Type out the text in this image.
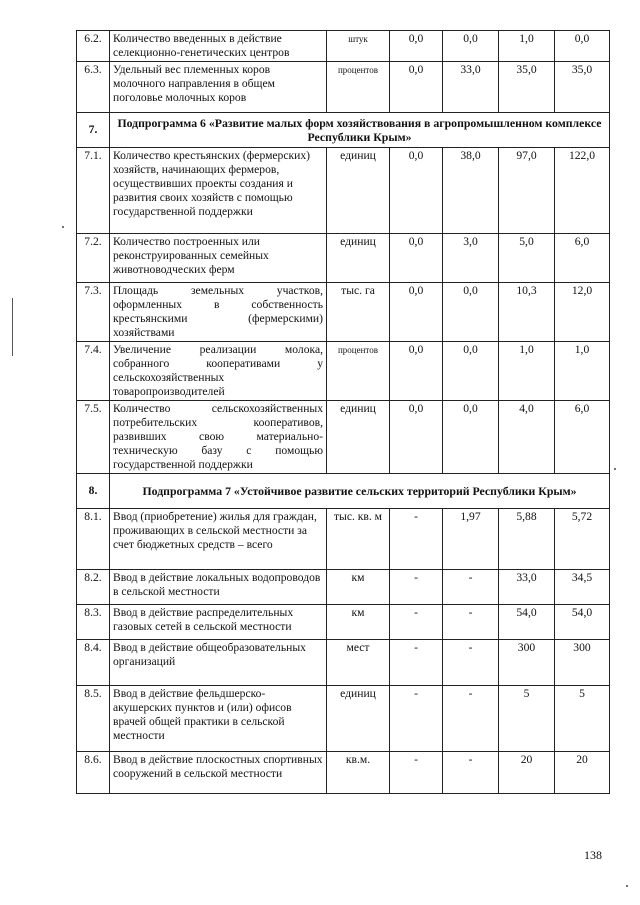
6.2.	Количество введенных в действие селекционно-генетических центров	штук	0,0	0,0	1,0	0,0
6.3.	Удельный вес племенных коров молочного направления в общем поголовье молочных коров	процентов	0,0	33,0	35,0	35,0
7.	Подпрограмма 6 «Развитие малых форм хозяйствования в агропромышленном комплексе Республики Крым»					
7.1.	Количество крестьянских (фермерских) хозяйств, начинающих фермеров, осуществивших проекты создания и развития своих хозяйств с помощью государственной поддержки	единиц	0,0	38,0	97,0	122,0
7.2.	Количество построенных или реконструированных семейных животноводческих ферм	единиц	0,0	3,0	5,0	6,0
7.3.	Площадь земельных участков, оформленных в собственность крестьянскими (фермерскими) хозяйствами	тыс. га	0,0	0,0	10,3	12,0
7.4.	Увеличение реализации молока, собранного кооперативами у сельскохозяйственных товаропроизводителей	процентов	0,0	0,0	1,0	1,0
7.5.	Количество сельскохозяйственных потребительских кооперативов, развивших свою материально-техническую базу с помощью государственной поддержки	единиц	0,0	0,0	4,0	6,0
8.	Подпрограмма 7 «Устойчивое развитие сельских территорий Республики Крым»					
8.1.	Ввод (приобретение) жилья для граждан, проживающих в сельской местности за счет бюджетных средств – всего	тыс. кв. м	-	1,97	5,88	5,72
8.2.	Ввод в действие локальных водопроводов в сельской местности	км	-	-	33,0	34,5
8.3.	Ввод в действие распределительных газовых сетей в сельской местности	км	-	-	54,0	54,0
8.4.	Ввод в действие общеобразовательных организаций	мест	-	-	300	300
8.5.	Ввод в действие фельдшерско-акушерских пунктов и (или) офисов врачей общей практики в сельской местности	единиц	-	-	5	5
8.6.	Ввод в действие плоскостных спортивных сооружений в сельской местности	кв.м.	-	-	20	20
138
